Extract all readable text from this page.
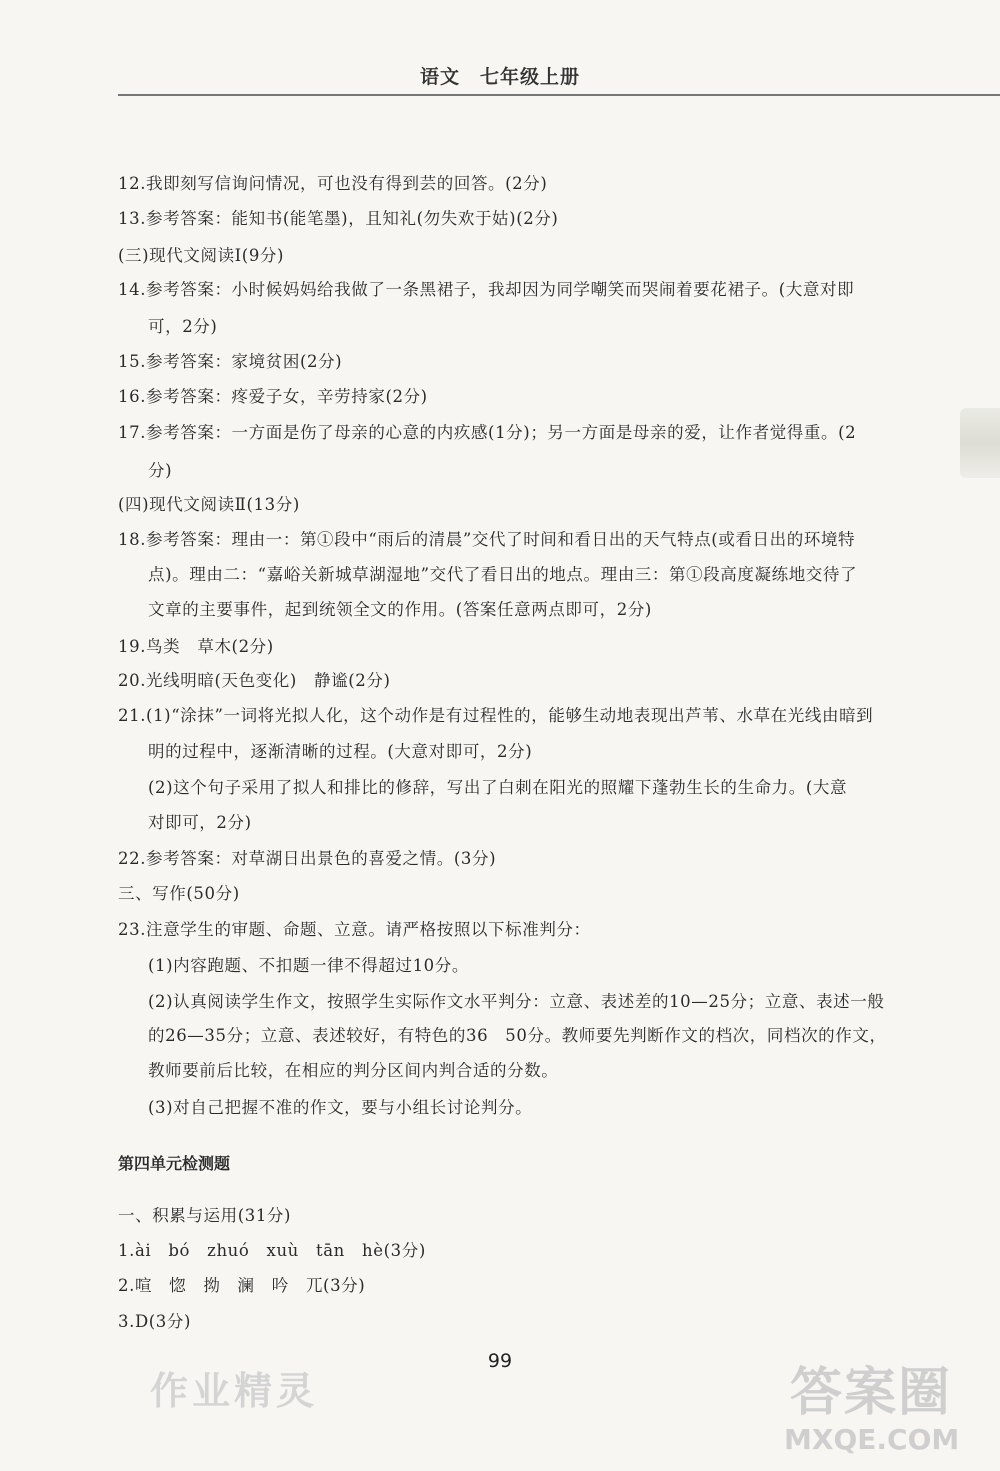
语文　七年级上册
12.我即刻写信询问情况，可也没有得到芸的回答。(2分)
13.参考答案：能知书(能笔墨)，且知礼(勿失欢于姑)(2分)
(三)现代文阅读Ⅰ(9分)
14.参考答案：小时候妈妈给我做了一条黑裙子，我却因为同学嘲笑而哭闹着要花裙子。(大意对即
可，2分)
15.参考答案：家境贫困(2分)
16.参考答案：疼爱子女，辛劳持家(2分)
17.参考答案：一方面是伤了母亲的心意的内疚感(1分)；另一方面是母亲的爱，让作者觉得重。(2
分)
(四)现代文阅读Ⅱ(13分)
18.参考答案：理由一：第①段中“雨后的清晨”交代了时间和看日出的天气特点(或看日出的环境特
点)。理由二：“嘉峪关新城草湖湿地”交代了看日出的地点。理由三：第①段高度凝练地交待了
文章的主要事件，起到统领全文的作用。(答案任意两点即可，2分)
19.鸟类　草木(2分)
20.光线明暗(天色变化)　静谧(2分)
21.(1)“涂抹”一词将光拟人化，这个动作是有过程性的，能够生动地表现出芦苇、水草在光线由暗到
明的过程中，逐渐清晰的过程。(大意对即可，2分)
(2)这个句子采用了拟人和排比的修辞，写出了白刺在阳光的照耀下蓬勃生长的生命力。(大意
对即可，2分)
22.参考答案：对草湖日出景色的喜爱之情。(3分)
三、写作(50分)
23.注意学生的审题、命题、立意。请严格按照以下标准判分：
(1)内容跑题、不扣题一律不得超过10分。
(2)认真阅读学生作文，按照学生实际作文水平判分：立意、表述差的10—25分；立意、表述一般
的26—35分；立意、表述较好，有特色的36　50分。教师要先判断作文的档次，同档次的作文，
教师要前后比较，在相应的判分区间内判合适的分数。
(3)对自己把握不准的作文，要与小组长讨论判分。
第四单元检测题
一、积累与运用(31分)
1.ài　bó　zhuó　xuù　tān　hè(3分)
2.喧　惚　拗　澜　吟　兀(3分)
3.D(3分)
99
作业精灵	答案圈
MXQE.COM
